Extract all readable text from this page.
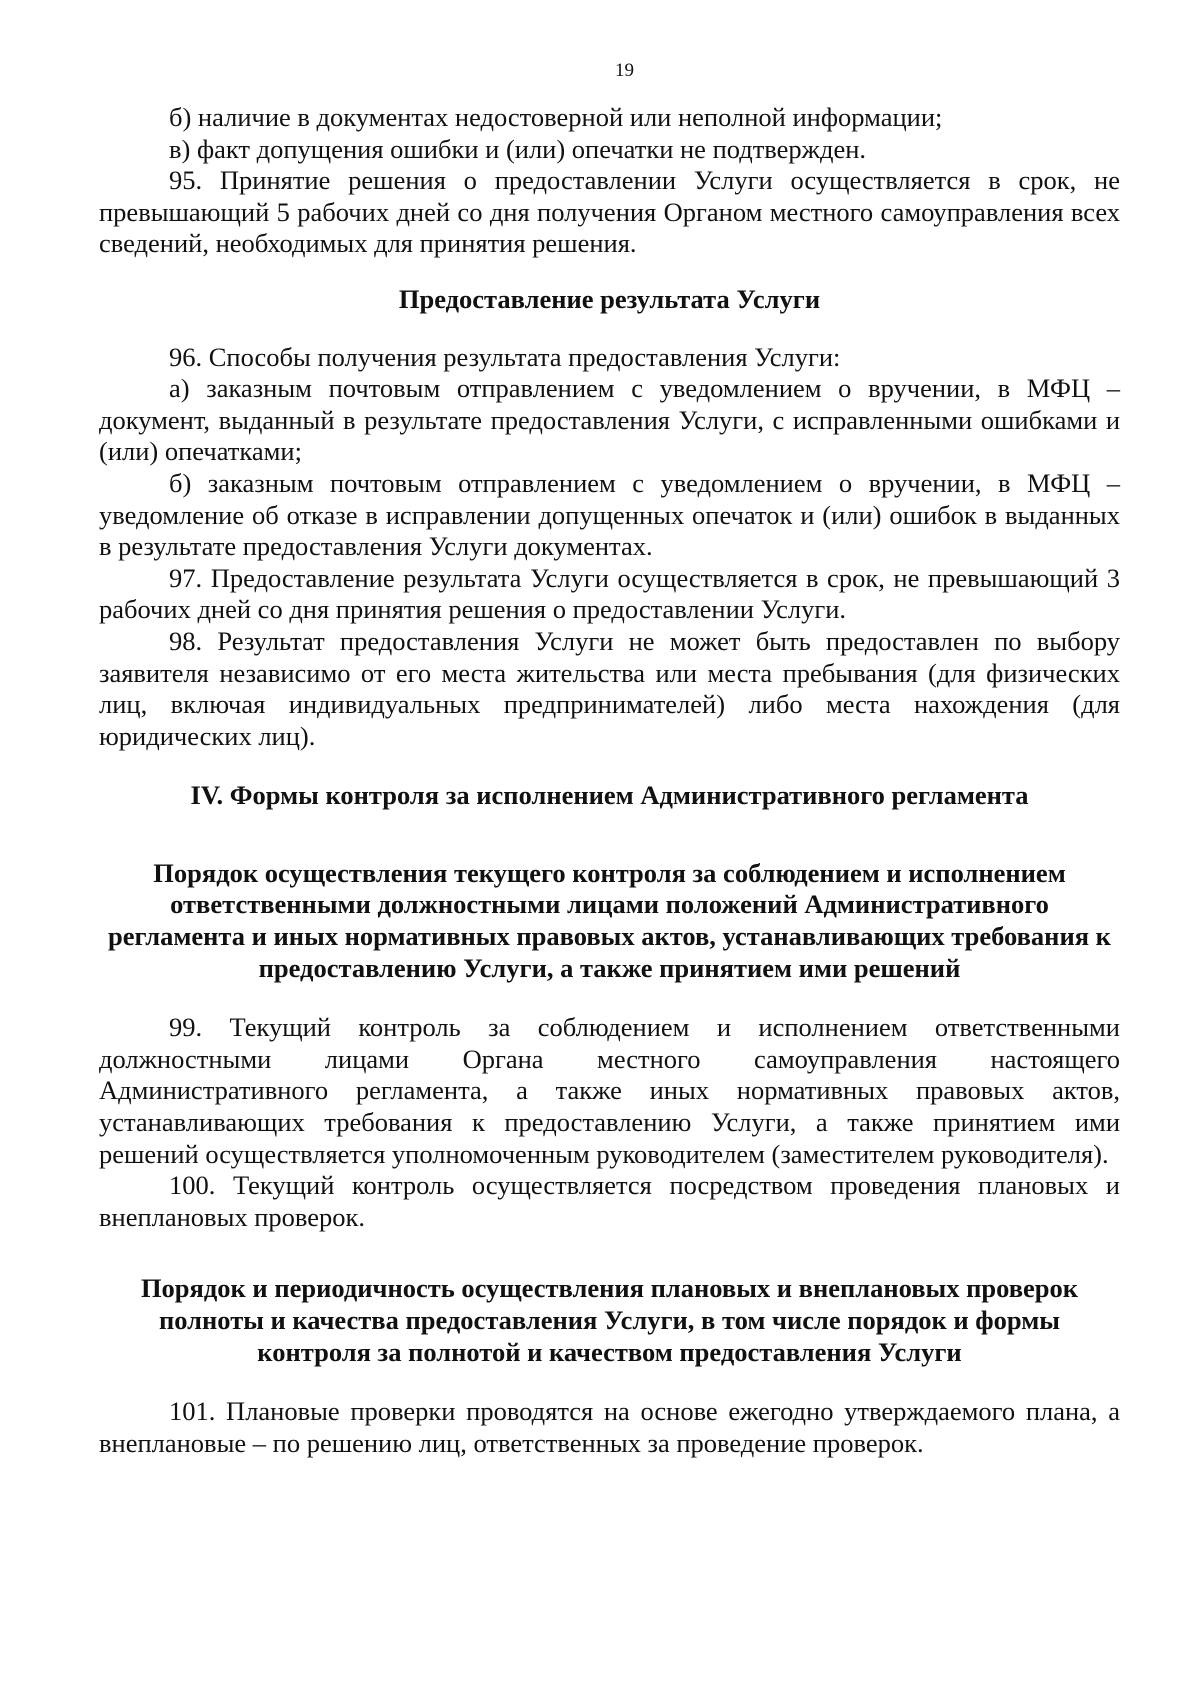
19

б) наличие в документах недостоверной или неполной информации;

в) факт допущения ошибки и (или) опечатки не подтвержден.

95. Принятие решения о предоставлении Услуги осуществляется в срок, не превышающий 5 рабочих дней со дня получения Органом местного самоуправления всех сведений, необходимых для принятия решения.

Предоставление результата Услуги

96. Способы получения результата предоставления Услуги:

а) заказным почтовым отправлением с уведомлением о вручении, в МФЦ – документ, выданный в результате предоставления Услуги, с исправленными ошибками и (или) опечатками;

б) заказным почтовым отправлением с уведомлением о вручении, в МФЦ – уведомление об отказе в исправлении допущенных опечаток и (или) ошибок в выданных в результате предоставления Услуги документах.

97. Предоставление результата Услуги осуществляется в срок, не превышающий 3 рабочих дней со дня принятия решения о предоставлении Услуги.

98. Результат предоставления Услуги не может быть предоставлен по выбору заявителя независимо от его места жительства или места пребывания (для физических лиц, включая индивидуальных предпринимателей) либо места нахождения (для юридических лиц).

IV. Формы контроля за исполнением Административного регламента
Порядок осуществления текущего контроля за соблюдением и исполнением ответственными должностными лицами положений Административного регламента и иных нормативных правовых актов, устанавливающих требования к предоставлению Услуги, а также принятием ими решений

99. Текущий контроль за соблюдением и исполнением ответственными должностными лицами Органа местного самоуправления настоящего Административного регламента, а также иных нормативных правовых актов, устанавливающих требования к предоставлению Услуги, а также принятием ими решений осуществляется уполномоченным руководителем (заместителем руководителя).

100. Текущий контроль осуществляется посредством проведения плановых и внеплановых проверок.

Порядок и периодичность осуществления плановых и внеплановых проверок полноты и качества предоставления Услуги, в том числе порядок и формы контроля за полнотой и качеством предоставления Услуги

101. Плановые проверки проводятся на основе ежегодно утверждаемого плана, а внеплановые – по решению лиц, ответственных за проведение проверок.
